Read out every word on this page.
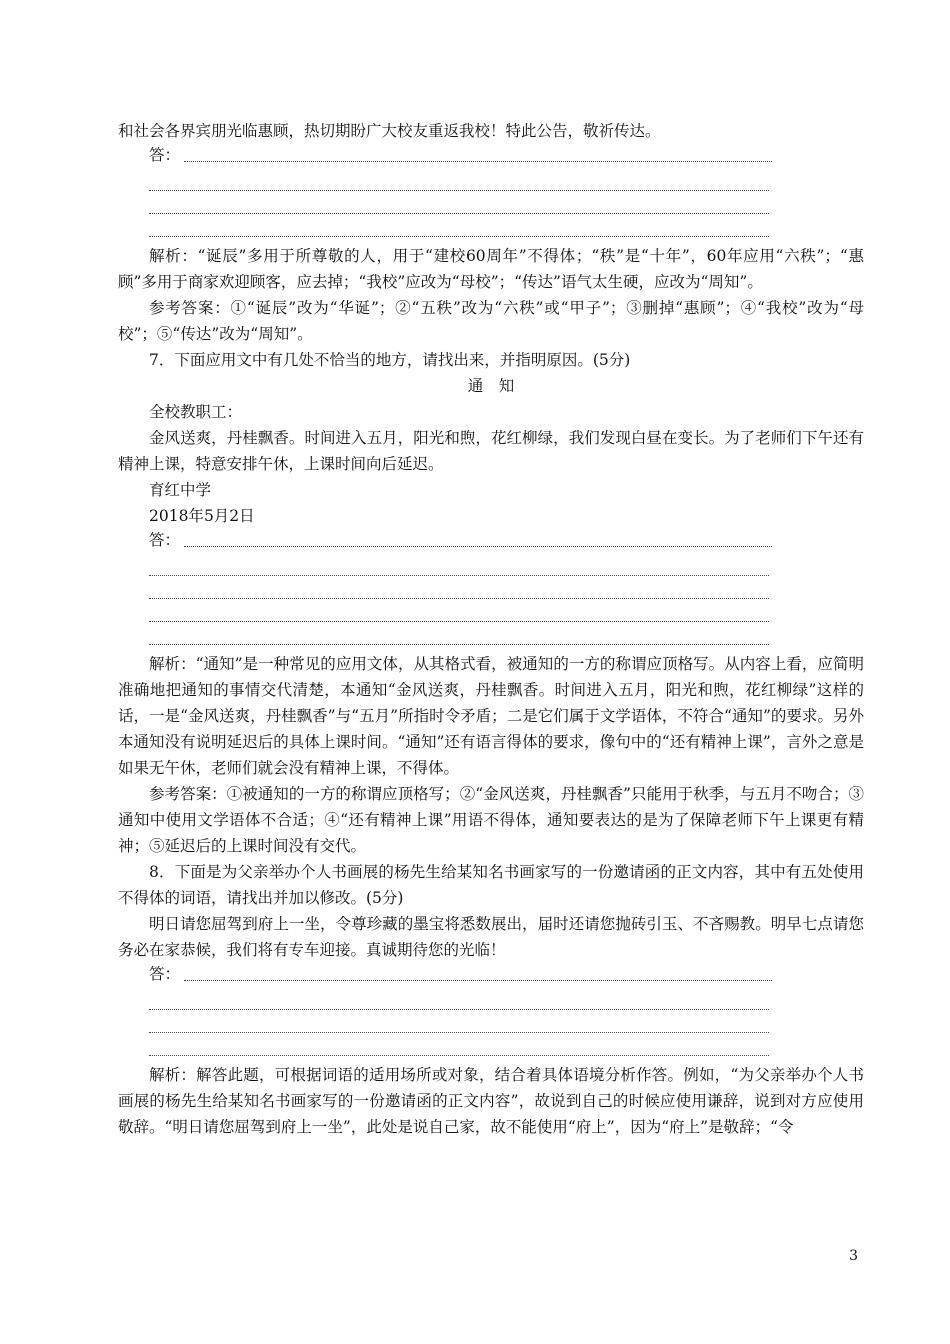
和社会各界宾朋光临惠顾，热切期盼广大校友重返我校！特此公告，敬祈传达。

答：

解析：“诞辰”多用于所尊敬的人，用于“建校60周年”不得体；“秩”是“十年”，60年应用“六秩”；“惠顾”多用于商家欢迎顾客，应去掉；“我校”应改为“母校”；“传达”语气太生硬，应改为“周知”。

参考答案：①“诞辰”改为“华诞”；②“五秩”改为“六秩”或“甲子”；③删掉“惠顾”；④“我校”改为“母校”；⑤“传达”改为“周知”。

7．下面应用文中有几处不恰当的地方，请找出来，并指明原因。(5分)

通知

全校教职工：

金风送爽，丹桂飘香。时间进入五月，阳光和煦，花红柳绿，我们发现白昼在变长。为了老师们下午还有精神上课，特意安排午休，上课时间向后延迟。

育红中学

2018年5月2日

答：

解析：“通知”是一种常见的应用文体，从其格式看，被通知的一方的称谓应顶格写。从内容上看，应简明准确地把通知的事情交代清楚，本通知“金风送爽，丹桂飘香。时间进入五月，阳光和煦，花红柳绿”这样的话，一是“金风送爽，丹桂飘香”与“五月”所指时令矛盾；二是它们属于文学语体，不符合“通知”的要求。另外本通知没有说明延迟后的具体上课时间。“通知”还有语言得体的要求，像句中的“还有精神上课”，言外之意是如果无午休，老师们就会没有精神上课，不得体。

参考答案：①被通知的一方的称谓应顶格写；②“金风送爽，丹桂飘香”只能用于秋季，与五月不吻合；③通知中使用文学语体不合适；④“还有精神上课”用语不得体，通知要表达的是为了保障老师下午上课更有精神；⑤延迟后的上课时间没有交代。

8．下面是为父亲举办个人书画展的杨先生给某知名书画家写的一份邀请函的正文内容，其中有五处使用不得体的词语，请找出并加以修改。(5分)

明日请您屈驾到府上一坐，令尊珍藏的墨宝将悉数展出，届时还请您抛砖引玉、不吝赐教。明早七点请您务必在家恭候，我们将有专车迎接。真诚期待您的光临！

答：

解析：解答此题，可根据词语的适用场所或对象，结合着具体语境分析作答。例如，“为父亲举办个人书画展的杨先生给某知名书画家写的一份邀请函的正文内容”，故说到自己的时候应使用谦辞，说到对方应使用敬辞。“明日请您屈驾到府上一坐”，此处是说自己家，故不能使用“府上”，因为“府上”是敬辞；“令

3
